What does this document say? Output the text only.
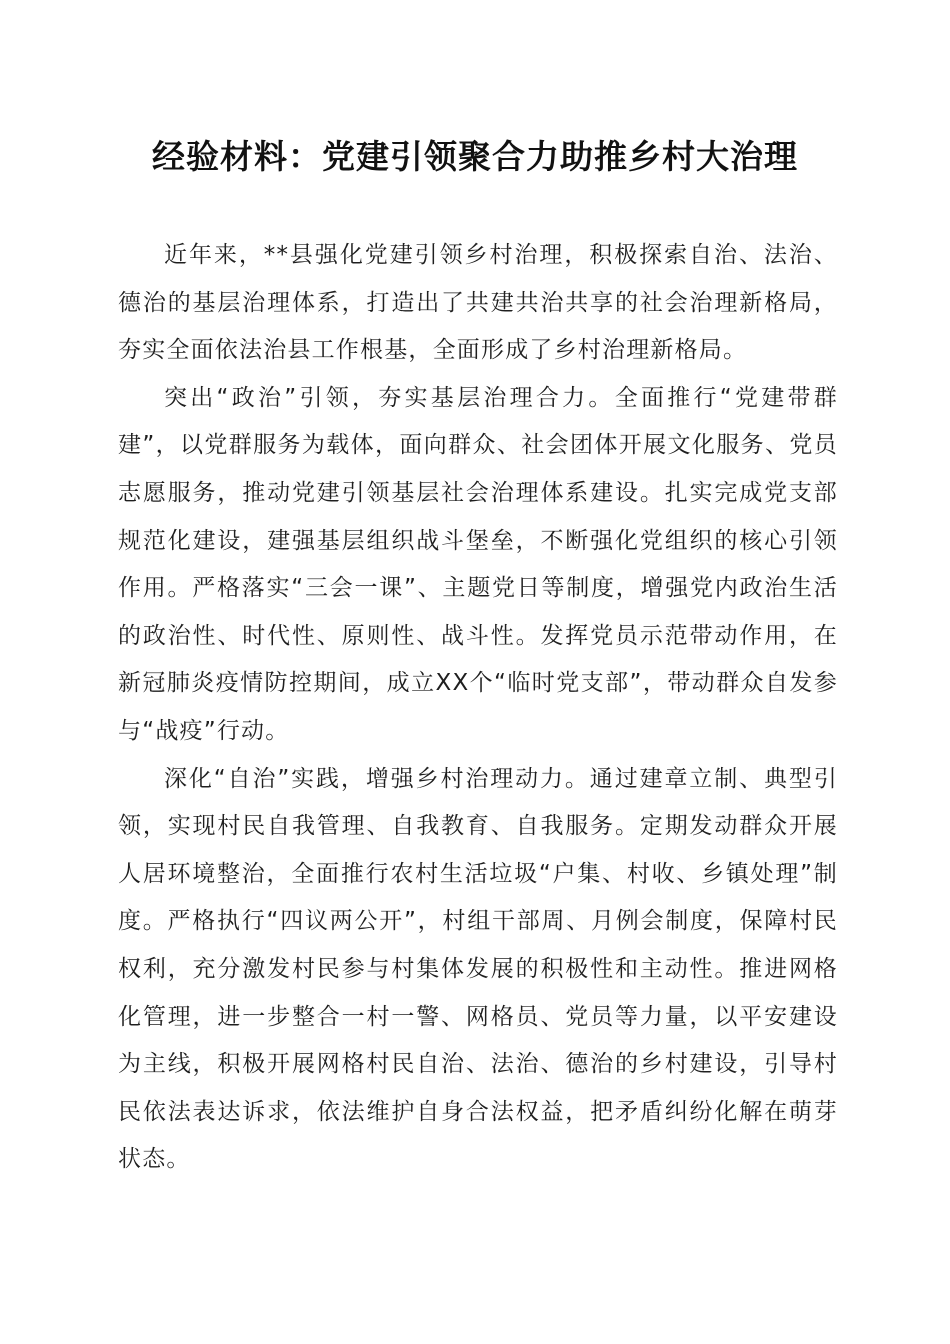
经验材料：党建引领聚合力助推乡村大治理

近年来，**县强化党建引领乡村治理，积极探索自治、法治、德治的基层治理体系，打造出了共建共治共享的社会治理新格局，夯实全面依法治县工作根基，全面形成了乡村治理新格局。

突出“政治”引领，夯实基层治理合力。全面推行“党建带群建”，以党群服务为载体，面向群众、社会团体开展文化服务、党员志愿服务，推动党建引领基层社会治理体系建设。扎实完成党支部规范化建设，建强基层组织战斗堡垒，不断强化党组织的核心引领作用。严格落实“三会一课”、主题党日等制度，增强党内政治生活的政治性、时代性、原则性、战斗性。发挥党员示范带动作用，在新冠肺炎疫情防控期间，成立XX个“临时党支部”，带动群众自发参与“战疫”行动。

深化“自治”实践，增强乡村治理动力。通过建章立制、典型引领，实现村民自我管理、自我教育、自我服务。定期发动群众开展人居环境整治，全面推行农村生活垃圾“户集、村收、乡镇处理”制度。严格执行“四议两公开”，村组干部周、月例会制度，保障村民权利，充分激发村民参与村集体发展的积极性和主动性。推进网格化管理，进一步整合一村一警、网格员、党员等力量，以平安建设为主线，积极开展网格村民自治、法治、德治的乡村建设，引导村民依法表达诉求，依法维护自身合法权益，把矛盾纠纷化解在萌芽状态。
